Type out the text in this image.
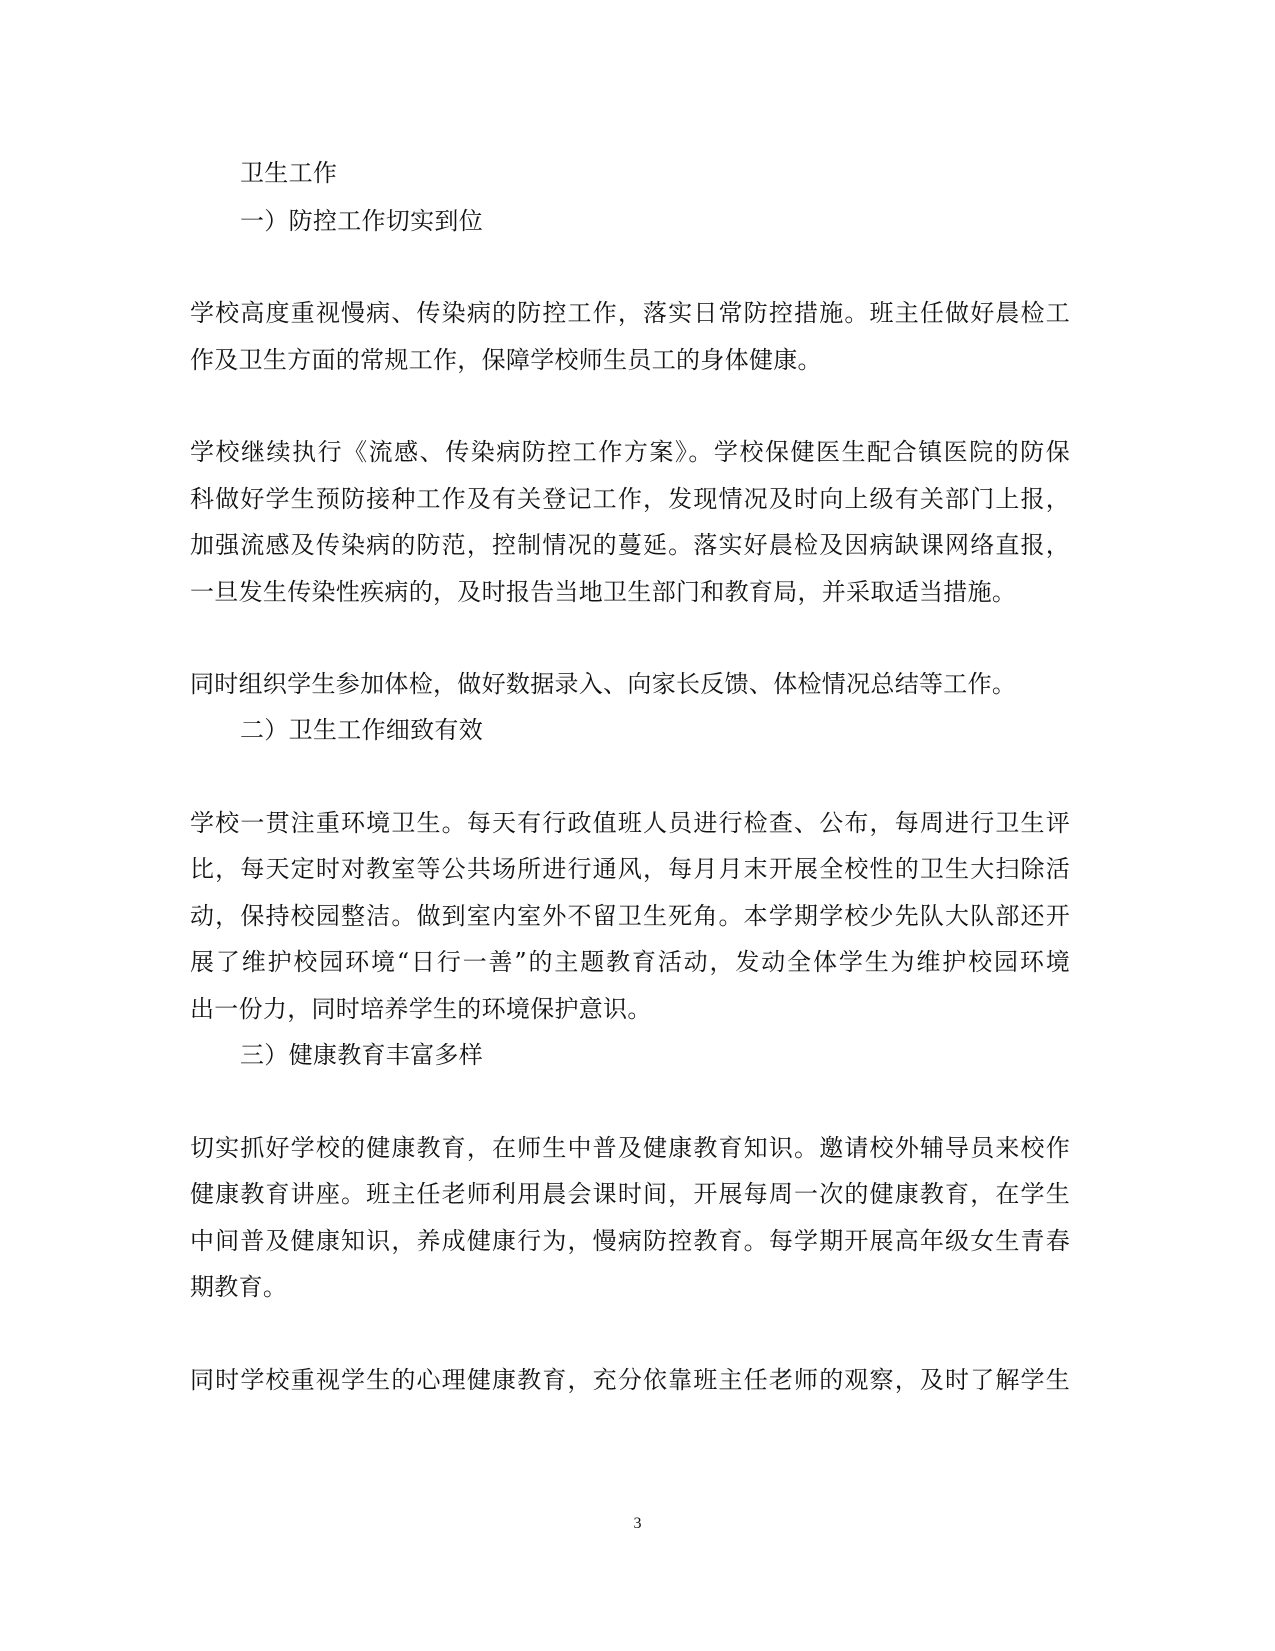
卫生工作
一）防控工作切实到位
学校高度重视慢病、传染病的防控工作，落实日常防控措施。班主任做好晨检工
作及卫生方面的常规工作，保障学校师生员工的身体健康。
学校继续执行《流感、传染病防控工作方案》。学校保健医生配合镇医院的防保
科做好学生预防接种工作及有关登记工作，发现情况及时向上级有关部门上报，
加强流感及传染病的防范，控制情况的蔓延。落实好晨检及因病缺课网络直报，
一旦发生传染性疾病的，及时报告当地卫生部门和教育局，并采取适当措施。
同时组织学生参加体检，做好数据录入、向家长反馈、体检情况总结等工作。
二）卫生工作细致有效
学校一贯注重环境卫生。每天有行政值班人员进行检查、公布，每周进行卫生评
比，每天定时对教室等公共场所进行通风，每月月末开展全校性的卫生大扫除活
动，保持校园整洁。做到室内室外不留卫生死角。本学期学校少先队大队部还开
展了维护校园环境“日行一善”的主题教育活动，发动全体学生为维护校园环境
出一份力，同时培养学生的环境保护意识。
三）健康教育丰富多样
切实抓好学校的健康教育，在师生中普及健康教育知识。邀请校外辅导员来校作
健康教育讲座。班主任老师利用晨会课时间，开展每周一次的健康教育，在学生
中间普及健康知识，养成健康行为，慢病防控教育。每学期开展高年级女生青春
期教育。
同时学校重视学生的心理健康教育，充分依靠班主任老师的观察，及时了解学生
3
